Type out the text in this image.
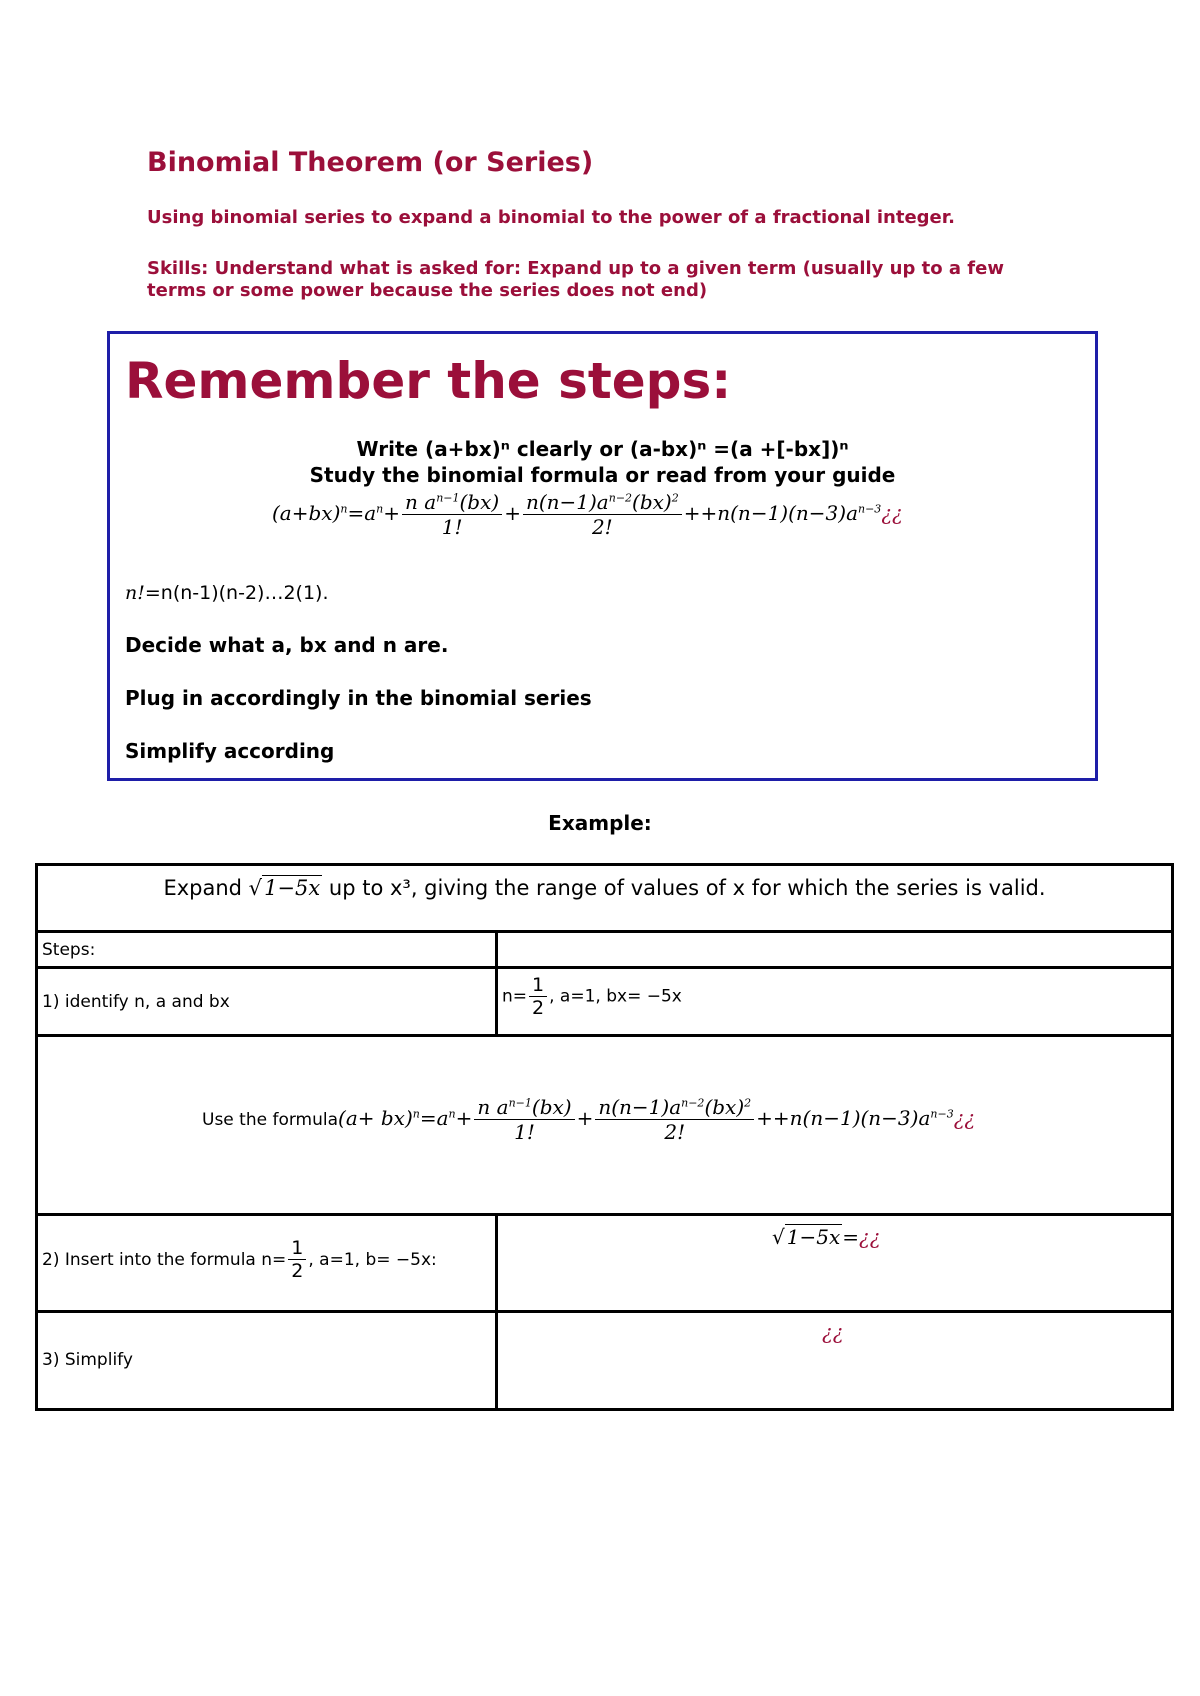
Binomial Theorem (or Series)
Using binomial series to expand a binomial to the power of a fractional integer.
Skills: Understand what is asked for: Expand up to a given term (usually up to a few terms or some power because the series does not end)
Remember the steps:
Write (a+bx)ⁿ clearly or (a-bx)ⁿ =(a +[-bx])ⁿ
Study the binomial formula or read from your guide
$(a+bx)^n=a^n+ \frac{n a^{n-1}(bx)}{1!} + \frac{n(n-1)a^{n-2}(bx)^2}{2!}$ $++n(n-1)(n-3)a^{n-3}¿¿$
n!=n(n-1)(n-2)…2(1).
Decide what a, bx and n are.
Plug in accordingly in the binomial series
Simplify according
Example:
Expand √1−5x up to x³, giving the range of values of x for which the series is valid.
Steps:
1) identify n, a and bx	$n= \frac{1}{2}$ , a=1, bx= −5x
Use the formula $(a+ bx)^n=a^n+ \frac{n a^{n-1}(bx)}{1!} + \frac{n(n-1)a^{n-2}(bx)^2}{2!}$ $++n(n-1)(n-3)a^{n-3}¿¿$
2) Insert into the formula $n= \frac{1}{2}$ , a=1, b= −5x:
√ 1−5x =¿¿
3) Simplify
¿¿
